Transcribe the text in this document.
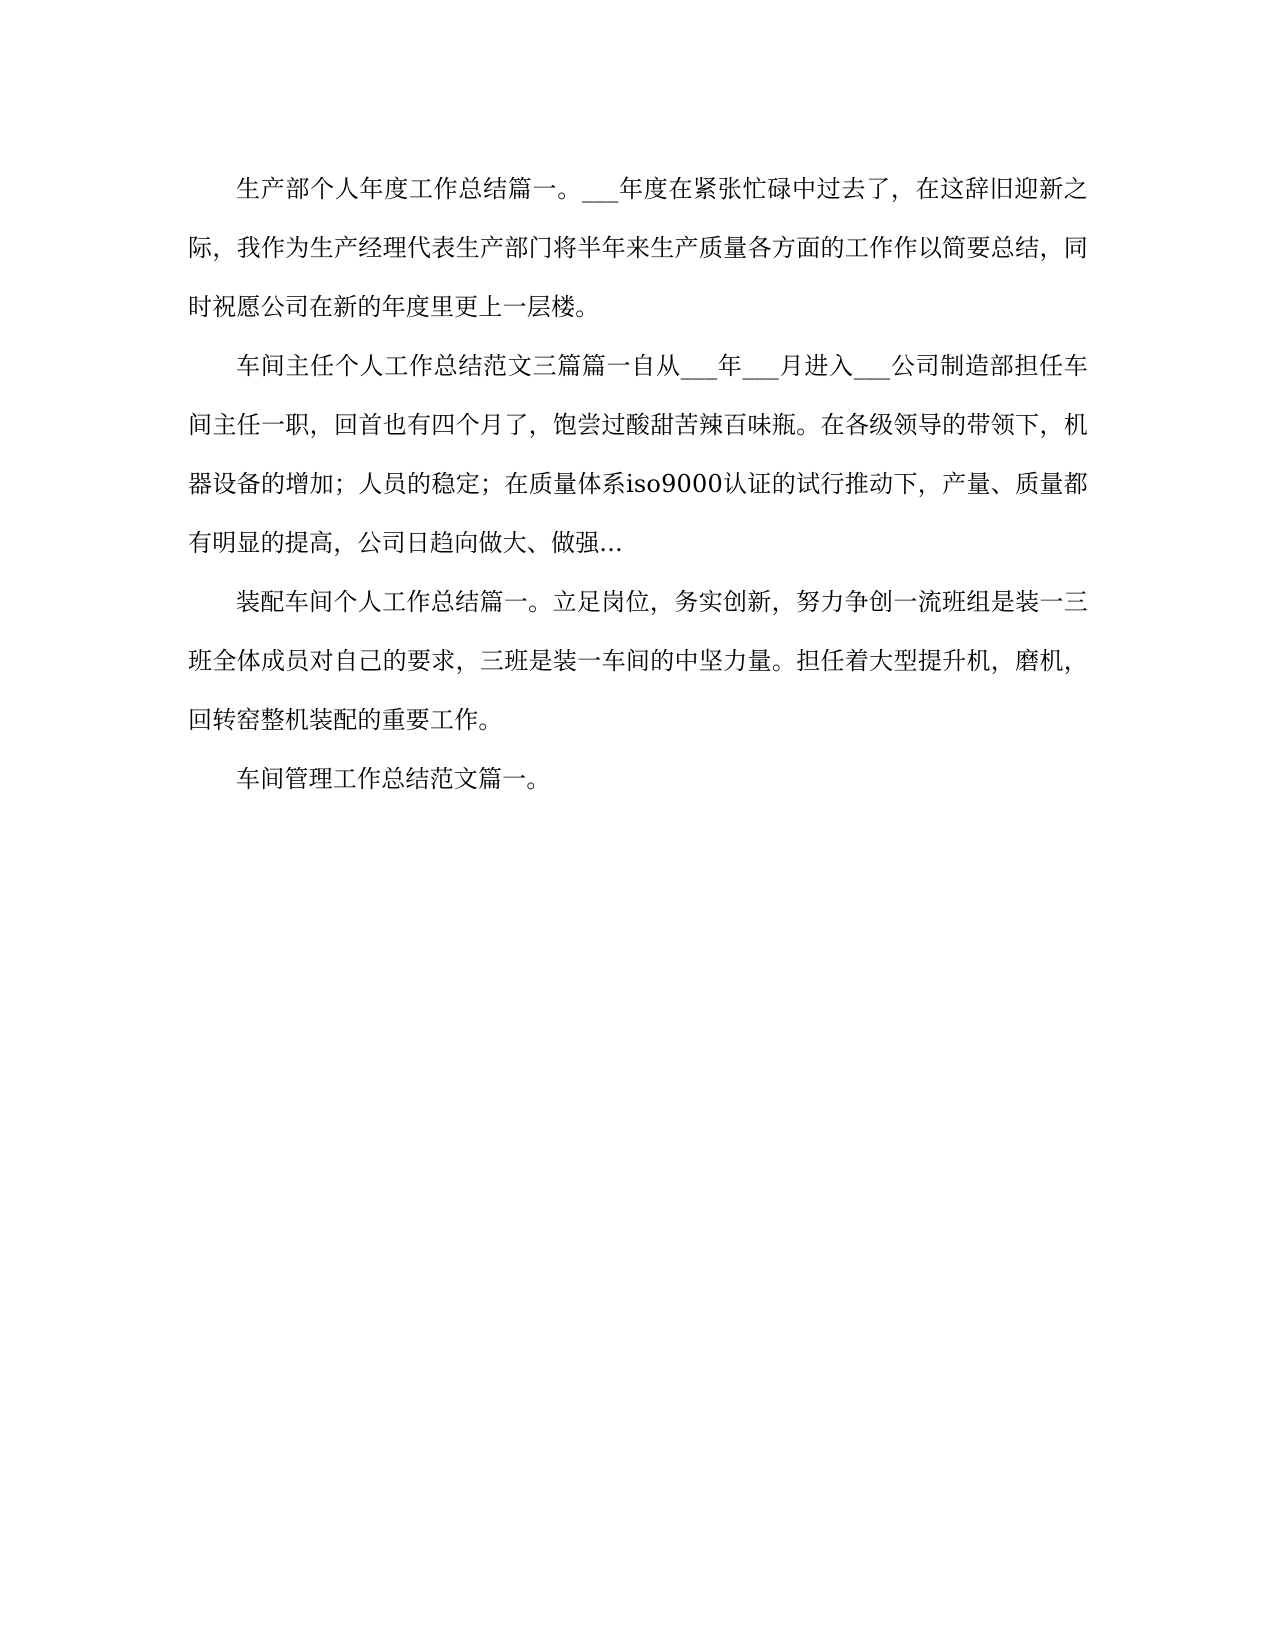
生产部个人年度工作总结篇一。___年度在紧张忙碌中过去了，在这辞旧迎新之际，我作为生产经理代表生产部门将半年来生产质量各方面的工作作以简要总结，同时祝愿公司在新的年度里更上一层楼。

车间主任个人工作总结范文三篇篇一自从___年___月进入___公司制造部担任车间主任一职，回首也有四个月了，饱尝过酸甜苦辣百味瓶。在各级领导的带领下，机器设备的增加；人员的稳定；在质量体系iso9000认证的试行推动下，产量、质量都有明显的提高，公司日趋向做大、做强...

装配车间个人工作总结篇一。立足岗位，务实创新，努力争创一流班组是装一三班全体成员对自己的要求，三班是装一车间的中坚力量。担任着大型提升机，磨机，回转窑整机装配的重要工作。

车间管理工作总结范文篇一。
